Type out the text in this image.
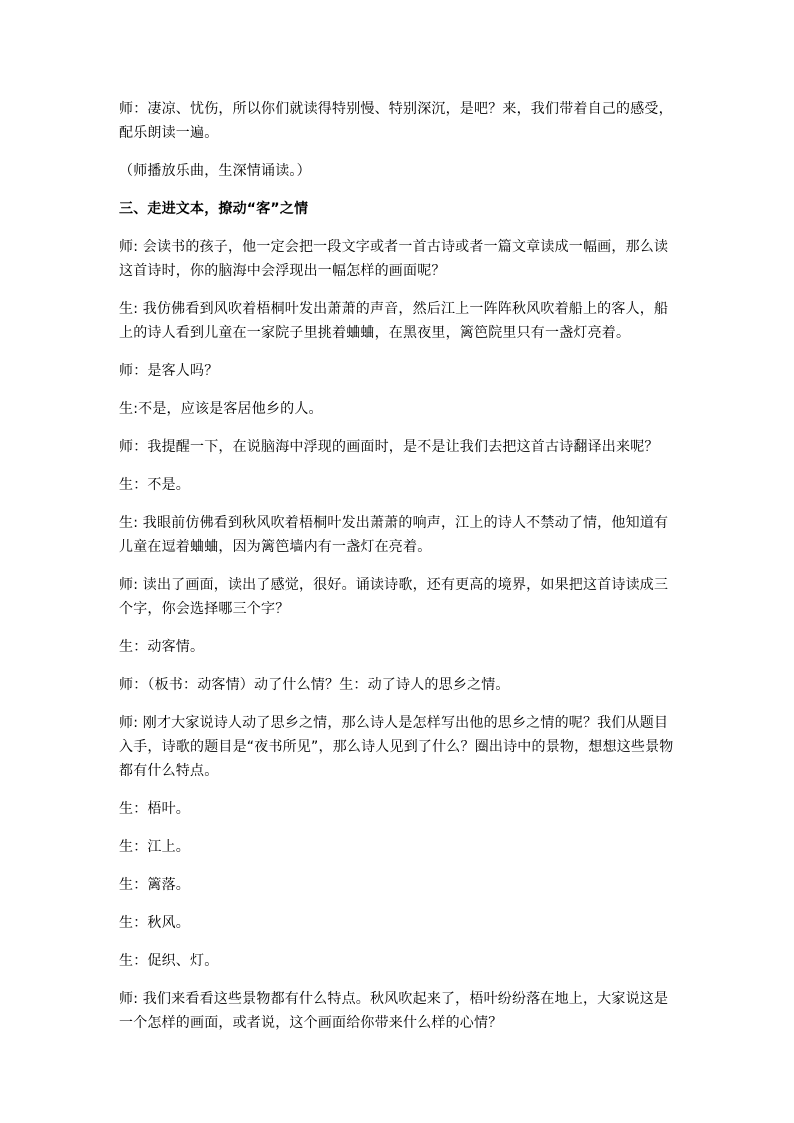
师：凄凉、忧伤，所以你们就读得特别慢、特别深沉，是吧？来，我们带着自己的感受，配乐朗读一遍。

（师播放乐曲，生深情诵读。）

三、走进文本，撩动“客”之情

师: 会读书的孩子，他一定会把一段文字或者一首古诗或者一篇文章读成一幅画，那么读这首诗时，你的脑海中会浮现出一幅怎样的画面呢？

生: 我仿佛看到风吹着梧桐叶发出萧萧的声音，然后江上一阵阵秋风吹着船上的客人，船上的诗人看到儿童在一家院子里挑着蛐蛐，在黑夜里，篱笆院里只有一盏灯亮着。

师：是客人吗？

生:不是，应该是客居他乡的人。

师：我提醒一下，在说脑海中浮现的画面时，是不是让我们去把这首古诗翻译出来呢？

生：不是。

生: 我眼前仿佛看到秋风吹着梧桐叶发出萧萧的响声，江上的诗人不禁动了情，他知道有儿童在逗着蛐蛐，因为篱笆墙内有一盏灯在亮着。

师: 读出了画面，读出了感觉，很好。诵读诗歌，还有更高的境界，如果把这首诗读成三个字，你会选择哪三个字？

生：动客情。

师：（板书：动客情）动了什么情？生：动了诗人的思乡之情。

师: 刚才大家说诗人动了思乡之情，那么诗人是怎样写出他的思乡之情的呢？我们从题目入手，诗歌的题目是“夜书所见”，那么诗人见到了什么？圈出诗中的景物，想想这些景物都有什么特点。

生：梧叶。

生：江上。

生：篱落。

生：秋风。

生：促织、灯。

师: 我们来看看这些景物都有什么特点。秋风吹起来了，梧叶纷纷落在地上，大家说这是一个怎样的画面，或者说，这个画面给你带来什么样的心情？
